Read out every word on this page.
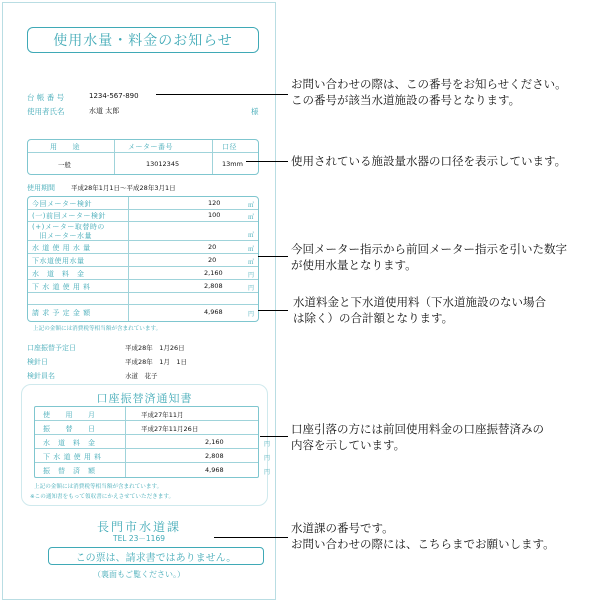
使用水量・料金のお知らせ
台 帳 番 号	1234-567-890
使用者氏名	水道 太郎	様
用　　途	メーター番号	口径
一般	13012345	13mm
使用期間 平成28年1月1日～平成28年3月1日
今回メーター検針	120	㎥
(一)前回メーター検針	100	㎥
(+)メーター取替時の
　旧メーター水量	㎥
水 道 使 用 水 量	20	㎥
下水道使用水量	20	㎥
水　道　料　金	2,160	円
下 水 道 使 用 料	2,808	円
請 求 予 定 金 額	4,968	円
上記の金額には消費税等相当額が含まれています。
口座振替予定日	平成28年　1月26日
検針日	平成28年　1月　1日
検針員名	水道　花子
口座振替済通知書
使　　用　　月	平成27年11月
振　　替　　日	平成27年11月26日
水　道　料　金	2,160	円
下 水 道 使 用 料	2,808	円
振　替　済　額	4,968	円
上記の金額には消費税等相当額が含まれています。
※この通知書をもって領収書にかえさせていただきます。
長門市水道課
TEL 23－1169
この票は、請求書ではありません。
（裏面もご覧ください。）
お問い合わせの際は、この番号をお知らせください。
この番号が該当水道施設の番号となります。
使用されている施設量水器の口径を表示しています。
今回メーター指示から前回メーター指示を引いた数字
が使用水量となります。
水道料金と下水道使用料（下水道施設のない場合
は除く）の合計額となります。
口座引落の方には前回使用料金の口座振替済みの
内容を示しています。
水道課の番号です。
お問い合わせの際には、こちらまでお願いします。
